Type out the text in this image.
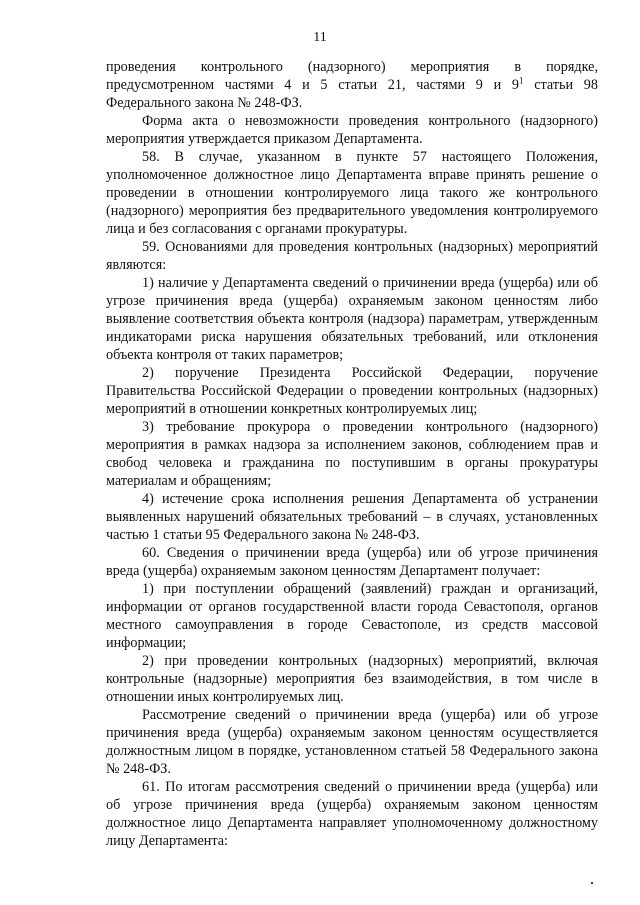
11

проведения контрольного (надзорного) мероприятия в порядке, предусмотренном частями 4 и 5 статьи 21, частями 9 и $9^1$ статьи 98 Федерального закона № 248-ФЗ.

Форма акта о невозможности проведения контрольного (надзорного) мероприятия утверждается приказом Департамента.

58. В случае, указанном в пункте 57 настоящего Положения, уполномоченное должностное лицо Департамента вправе принять решение о проведении в отношении контролируемого лица такого же контрольного (надзорного) мероприятия без предварительного уведомления контролируемого лица и без согласования с органами прокуратуры.

59. Основаниями для проведения контрольных (надзорных) мероприятий являются:

1) наличие у Департамента сведений о причинении вреда (ущерба) или об угрозе причинения вреда (ущерба) охраняемым законом ценностям либо выявление соответствия объекта контроля (надзора) параметрам, утвержденным индикаторами риска нарушения обязательных требований, или отклонения объекта контроля от таких параметров;

2) поручение Президента Российской Федерации, поручение Правительства Российской Федерации о проведении контрольных (надзорных) мероприятий в отношении конкретных контролируемых лиц;

3) требование прокурора о проведении контрольного (надзорного) мероприятия в рамках надзора за исполнением законов, соблюдением прав и свобод человека и гражданина по поступившим в органы прокуратуры материалам и обращениям;

4) истечение срока исполнения решения Департамента об устранении выявленных нарушений обязательных требований – в случаях, установленных частью 1 статьи 95 Федерального закона № 248-ФЗ.

60. Сведения о причинении вреда (ущерба) или об угрозе причинения вреда (ущерба) охраняемым законом ценностям Департамент получает:

1) при поступлении обращений (заявлений) граждан и организаций, информации от органов государственной власти города Севастополя, органов местного самоуправления в городе Севастополе, из средств массовой информации;

2) при проведении контрольных (надзорных) мероприятий, включая контрольные (надзорные) мероприятия без взаимодействия, в том числе в отношении иных контролируемых лиц.

Рассмотрение сведений о причинении вреда (ущерба) или об угрозе причинения вреда (ущерба) охраняемым законом ценностям осуществляется должностным лицом в порядке, установленном статьей 58 Федерального закона № 248-ФЗ.

61. По итогам рассмотрения сведений о причинении вреда (ущерба) или об угрозе причинения вреда (ущерба) охраняемым законом ценностям должностное лицо Департамента направляет уполномоченному должностному лицу Департамента:
